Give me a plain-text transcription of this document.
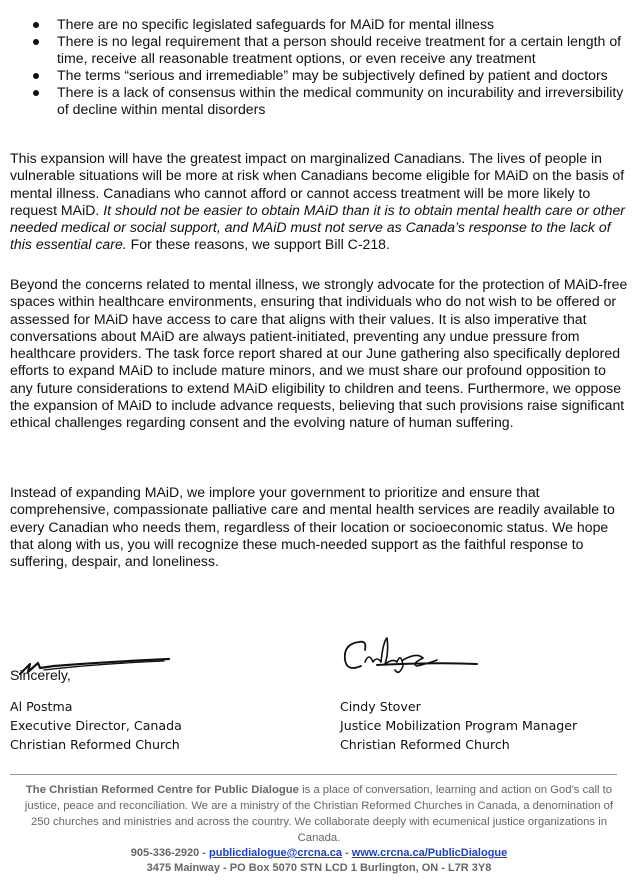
There are no specific legislated safeguards for MAiD for mental illness
There is no legal requirement that a person should receive treatment for a certain length of time, receive all reasonable treatment options, or even receive any treatment
The terms “serious and irremediable” may be subjectively defined by patient and doctors
There is a lack of consensus within the medical community on incurability and irreversibility of decline within mental disorders

This expansion will have the greatest impact on marginalized Canadians. The lives of people in vulnerable situations will be more at risk when Canadians become eligible for MAiD on the basis of mental illness. Canadians who cannot afford or cannot access treatment will be more likely to request MAiD. It should not be easier to obtain MAiD than it is to obtain mental health care or other needed medical or social support, and MAiD must not serve as Canada’s response to the lack of this essential care. For these reasons, we support Bill C-218.

Beyond the concerns related to mental illness, we strongly advocate for the protection of MAiD-free spaces within healthcare environments, ensuring that individuals who do not wish to be offered or assessed for MAiD have access to care that aligns with their values. It is also imperative that conversations about MAiD are always patient-initiated, preventing any undue pressure from healthcare providers. The task force report shared at our June gathering also specifically deplored efforts to expand MAiD to include mature minors, and we must share our profound opposition to any future considerations to extend MAiD eligibility to children and teens. Furthermore, we oppose the expansion of MAiD to include advance requests, believing that such provisions raise significant ethical challenges regarding consent and the evolving nature of human suffering.

Instead of expanding MAiD, we implore your government to prioritize and ensure that comprehensive, compassionate palliative care and mental health services are readily available to every Canadian who needs them, regardless of their location or socioeconomic status. We hope that along with us, you will recognize these much-needed support as the faithful response to suffering, despair, and loneliness.

Sincerely,

Al Postma
Executive Director, Canada
Christian Reformed Church
Cindy Stover
Justice Mobilization Program Manager
Christian Reformed Church

The Christian Reformed Centre for Public Dialogue is a place of conversation, learning and action on God’s call to justice, peace and reconciliation. We are a ministry of the Christian Reformed Churches in Canada, a denomination of 250 churches and ministries and across the country. We collaborate deeply with ecumenical justice organizations in Canada.

905-336-2920 - publicdialogue@crcna.ca - www.crcna.ca/PublicDialogue
3475 Mainway - PO Box 5070 STN LCD 1 Burlington, ON - L7R 3Y8
